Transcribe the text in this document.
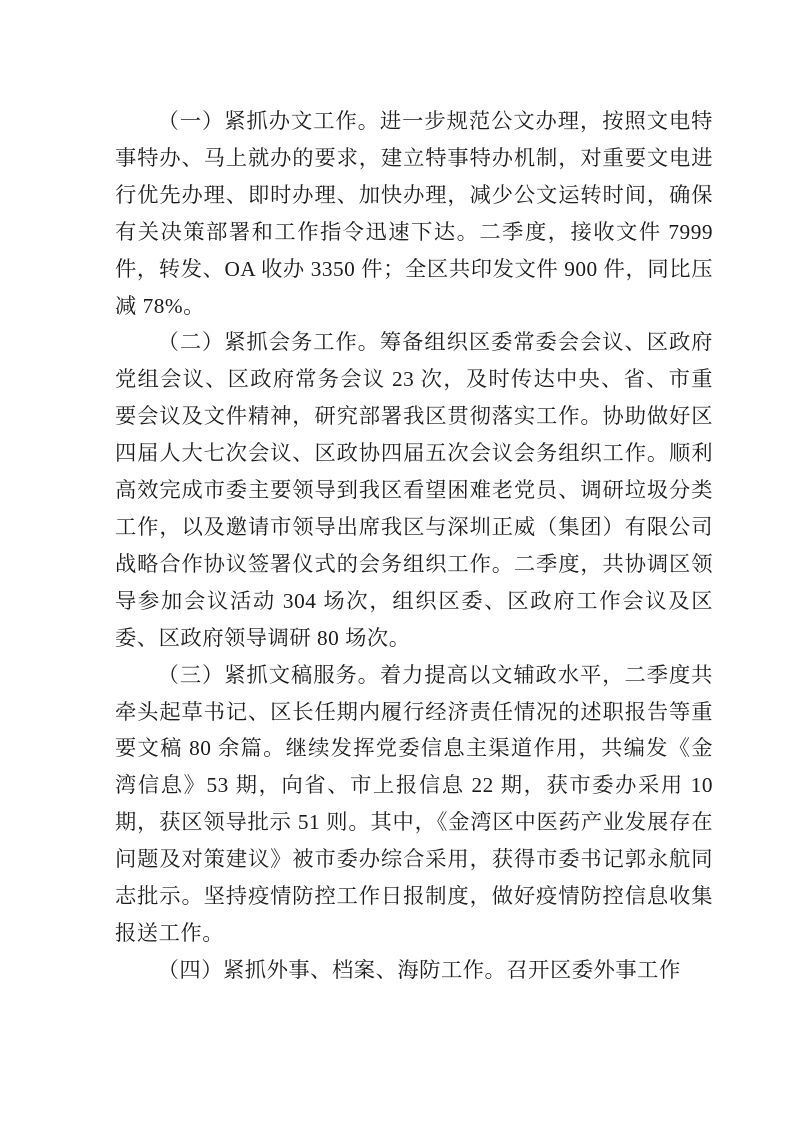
（一）紧抓办文工作。进一步规范公文办理，按照文电特事特办、马上就办的要求，建立特事特办机制，对重要文电进行优先办理、即时办理、加快办理，减少公文运转时间，确保有关决策部署和工作指令迅速下达。二季度，接收文件 7999 件，转发、OA 收办 3350 件；全区共印发文件 900 件，同比压减 78%。

（二）紧抓会务工作。筹备组织区委常委会会议、区政府党组会议、区政府常务会议 23 次，及时传达中央、省、市重要会议及文件精神，研究部署我区贯彻落实工作。协助做好区四届人大七次会议、区政协四届五次会议会务组织工作。顺利高效完成市委主要领导到我区看望困难老党员、调研垃圾分类工作，以及邀请市领导出席我区与深圳正威（集团）有限公司战略合作协议签署仪式的会务组织工作。二季度，共协调区领导参加会议活动 304 场次，组织区委、区政府工作会议及区委、区政府领导调研 80 场次。

（三）紧抓文稿服务。着力提高以文辅政水平，二季度共牵头起草书记、区长任期内履行经济责任情况的述职报告等重要文稿 80 余篇。继续发挥党委信息主渠道作用，共编发《金湾信息》53 期，向省、市上报信息 22 期，获市委办采用 10 期，获区领导批示 51 则。其中，《金湾区中医药产业发展存在问题及对策建议》被市委办综合采用，获得市委书记郭永航同志批示。坚持疫情防控工作日报制度，做好疫情防控信息收集报送工作。

（四）紧抓外事、档案、海防工作。召开区委外事工作
